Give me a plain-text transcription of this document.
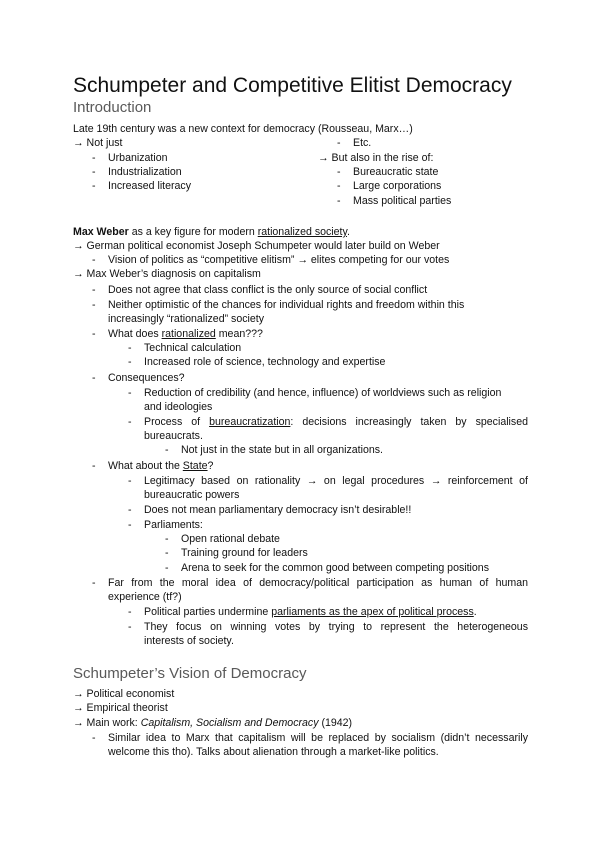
Schumpeter and Competitive Elitist Democracy
Introduction
Late 19th century was a new context for democracy (Rousseau, Marx…)
→ Not just
- Urbanization
- Industrialization
- Increased literacy
- Etc.
→ But also in the rise of:
- Bureaucratic state
- Large corporations
- Mass political parties
Max Weber as a key figure for modern rationalized society.
→ German political economist Joseph Schumpeter would later build on Weber
- Vision of politics as “competitive elitism” → elites competing for our votes
→ Max Weber’s diagnosis on capitalism
- Does not agree that class conflict is the only source of social conflict
- Neither optimistic of the chances for individual rights and freedom within this
increasingly “rationalized” society
- What does rationalized mean???
- Technical calculation
- Increased role of science, technology and expertise
- Consequences?
- Reduction of credibility (and hence, influence) of worldviews such as religion
and ideologies
- Process of bureaucratization: decisions increasingly taken by specialised
bureaucrats.
- Not just in the state but in all organizations.
- What about the State?
- Legitimacy based on rationality → on legal procedures → reinforcement of
bureaucratic powers
- Does not mean parliamentary democracy isn’t desirable!!
- Parliaments:
- Open rational debate
- Training ground for leaders
- Arena to seek for the common good between competing positions
- Far from the moral idea of democracy/political participation as human of human
experience (tf?)
- Political parties undermine parliaments as the apex of political process.
- They focus on winning votes by trying to represent the heterogeneous
interests of society.
Schumpeter’s Vision of Democracy
→ Political economist
→ Empirical theorist
→ Main work: Capitalism, Socialism and Democracy (1942)
- Similar idea to Marx that capitalism will be replaced by socialism (didn’t necessarily
welcome this tho). Talks about alienation through a market-like politics.
